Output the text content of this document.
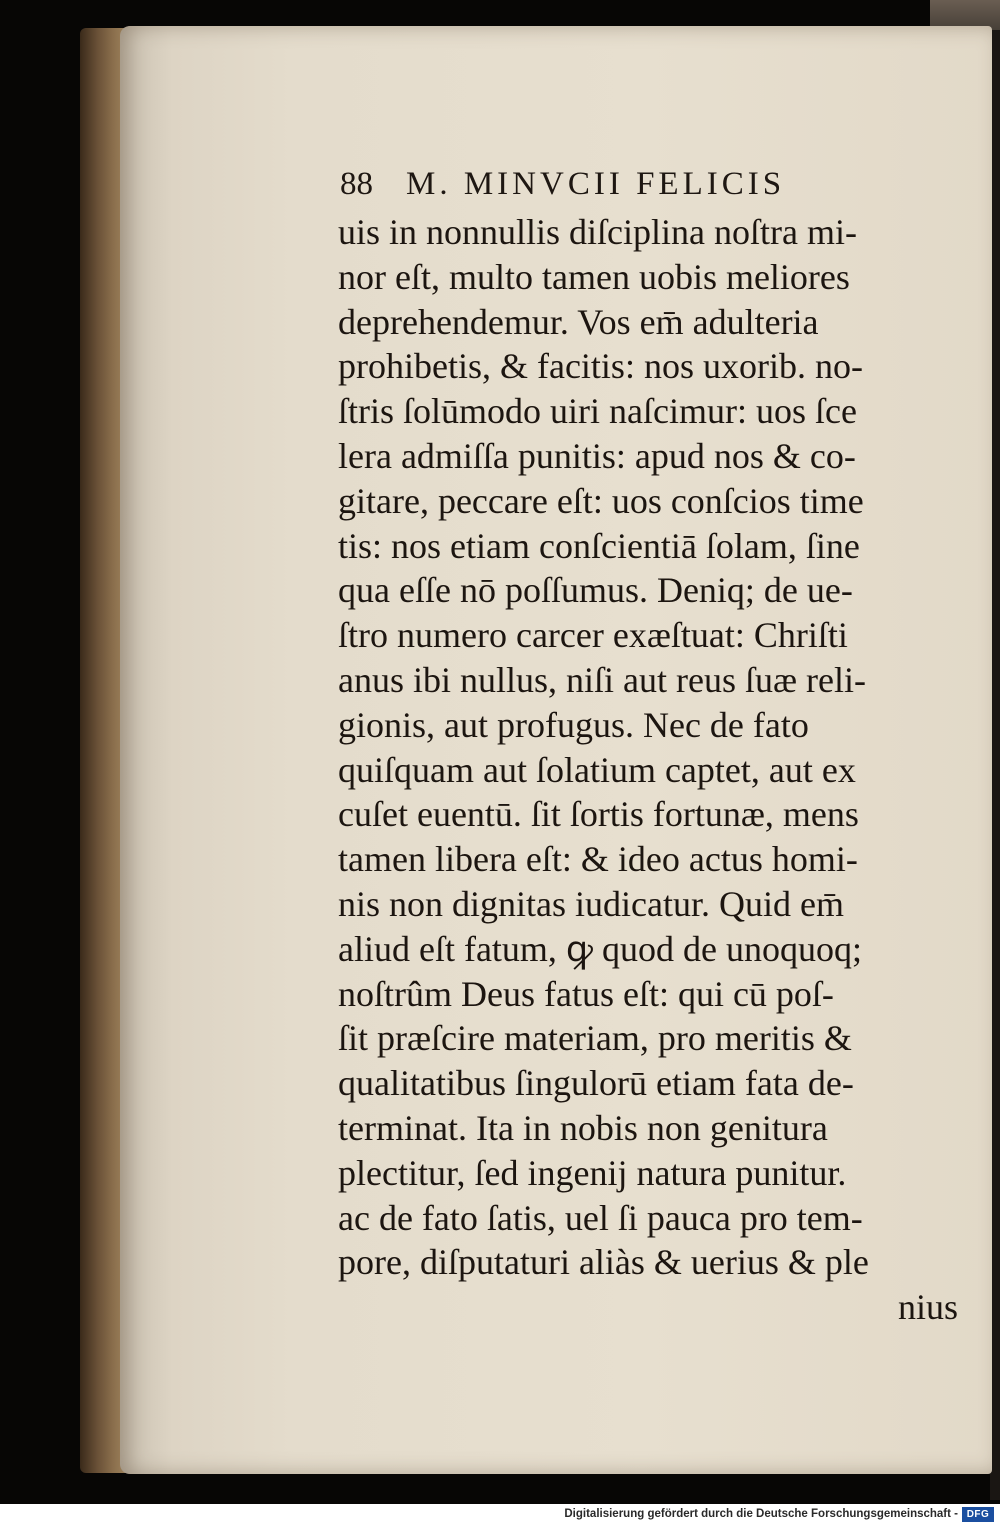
88 M. MINVCII FELICIS
uis in nonnullis diſciplina noſtra mi-
nor eſt, multo tamen uobis meliores
deprehendemur. Vos em̄ adulteria
prohibetis, & facitis: nos uxorib. no-
ſtris ſolūmodo uiri naſcimur: uos ſce
lera admiſſa punitis: apud nos & co-
gitare, peccare eſt: uos conſcios time
tis: nos etiam conſcientiā ſolam, ſine
qua eſſe nō poſſumus. Deniq; de ue-
ſtro numero carcer exæſtuat: Chriſti
anus ibi nullus, niſi aut reus ſuæ reli-
gionis, aut profugus. Nec de fato
quiſquam aut ſolatium captet, aut ex
cuſet euentū. ſit ſortis fortunæ, mens
tamen libera eſt: & ideo actus homi-
nis non dignitas iudicatur. Quid em̄
aliud eſt fatum, ꝙ quod de unoquoq;
noſtrûm Deus fatus eſt: qui cū poſ-
ſit præſcire materiam, pro meritis &
qualitatibus ſingulorū etiam fata de-
terminat. Ita in nobis non genitura
plectitur, ſed ingenij natura punitur.
ac de fato ſatis, uel ſi pauca pro tem-
pore, diſputaturi aliàs & uerius & ple
nius
Digitalisierung gefördert durch die Deutsche Forschungsgemeinschaft - DFG
